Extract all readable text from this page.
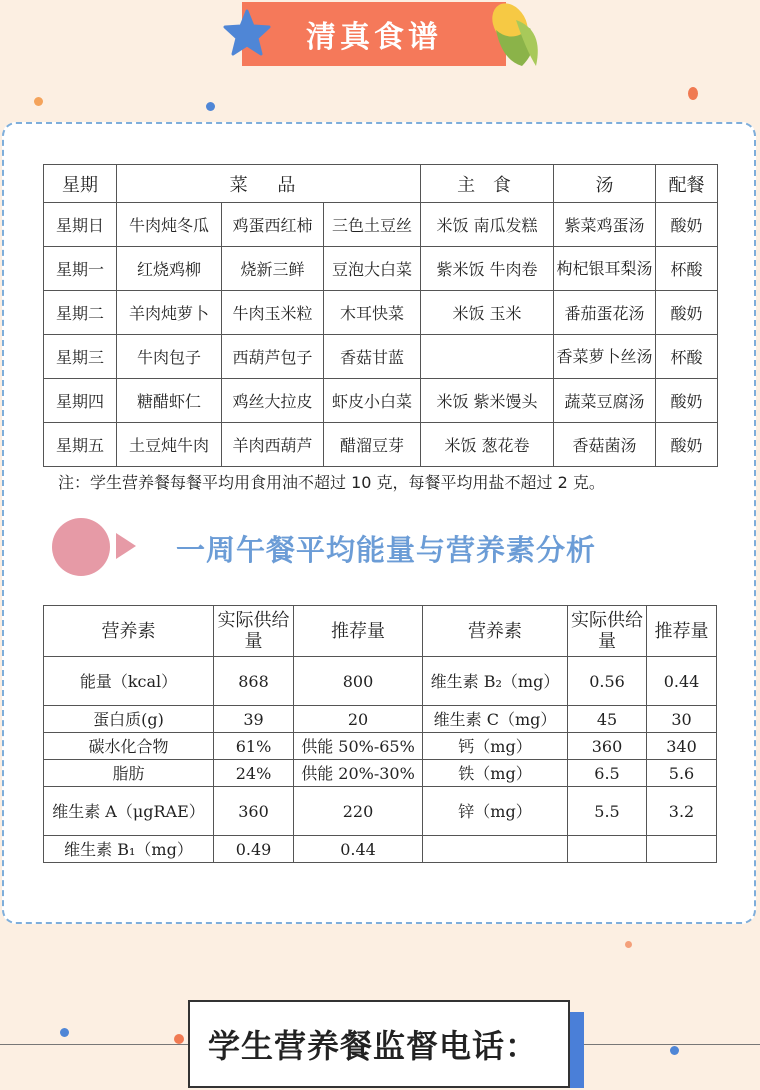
清真食谱
星期	菜 品			主 食	汤	配餐
星期日	牛肉炖冬瓜	鸡蛋西红柿	三色土豆丝	米饭 南瓜发糕	紫菜鸡蛋汤	酸奶
星期一	红烧鸡柳	烧新三鲜	豆泡大白菜	紫米饭 牛肉卷	枸杞银耳梨汤	杯酸
星期二	羊肉炖萝卜	牛肉玉米粒	木耳快菜	米饭 玉米	番茄蛋花汤	酸奶
星期三	牛肉包子	西葫芦包子	香菇甘蓝		香菜萝卜丝汤	杯酸
星期四	糖醋虾仁	鸡丝大拉皮	虾皮小白菜	米饭 紫米馒头	蔬菜豆腐汤	酸奶
星期五	土豆炖牛肉	羊肉西葫芦	醋溜豆芽	米饭 葱花卷	香菇菌汤	酸奶
注：学生营养餐每餐平均用食用油不超过 10 克，每餐平均用盐不超过 2 克。
一周午餐平均能量与营养素分析
营养素	实际供给量	推荐量	营养素	实际供给量	推荐量
能量（kcal）	868	800	维生素 B₂（mg）	0.56	0.44
蛋白质(g)	39	20	维生素 C（mg）	45	30
碳水化合物	61%	供能 50%-65%	钙（mg）	360	340
脂肪	24%	供能 20%-30%	铁（mg）	6.5	5.6
维生素 A（μgRAE）	360	220	锌（mg）	5.5	3.2
维生素 B₁（mg）	0.49	0.44			
学生营养餐监督电话：
